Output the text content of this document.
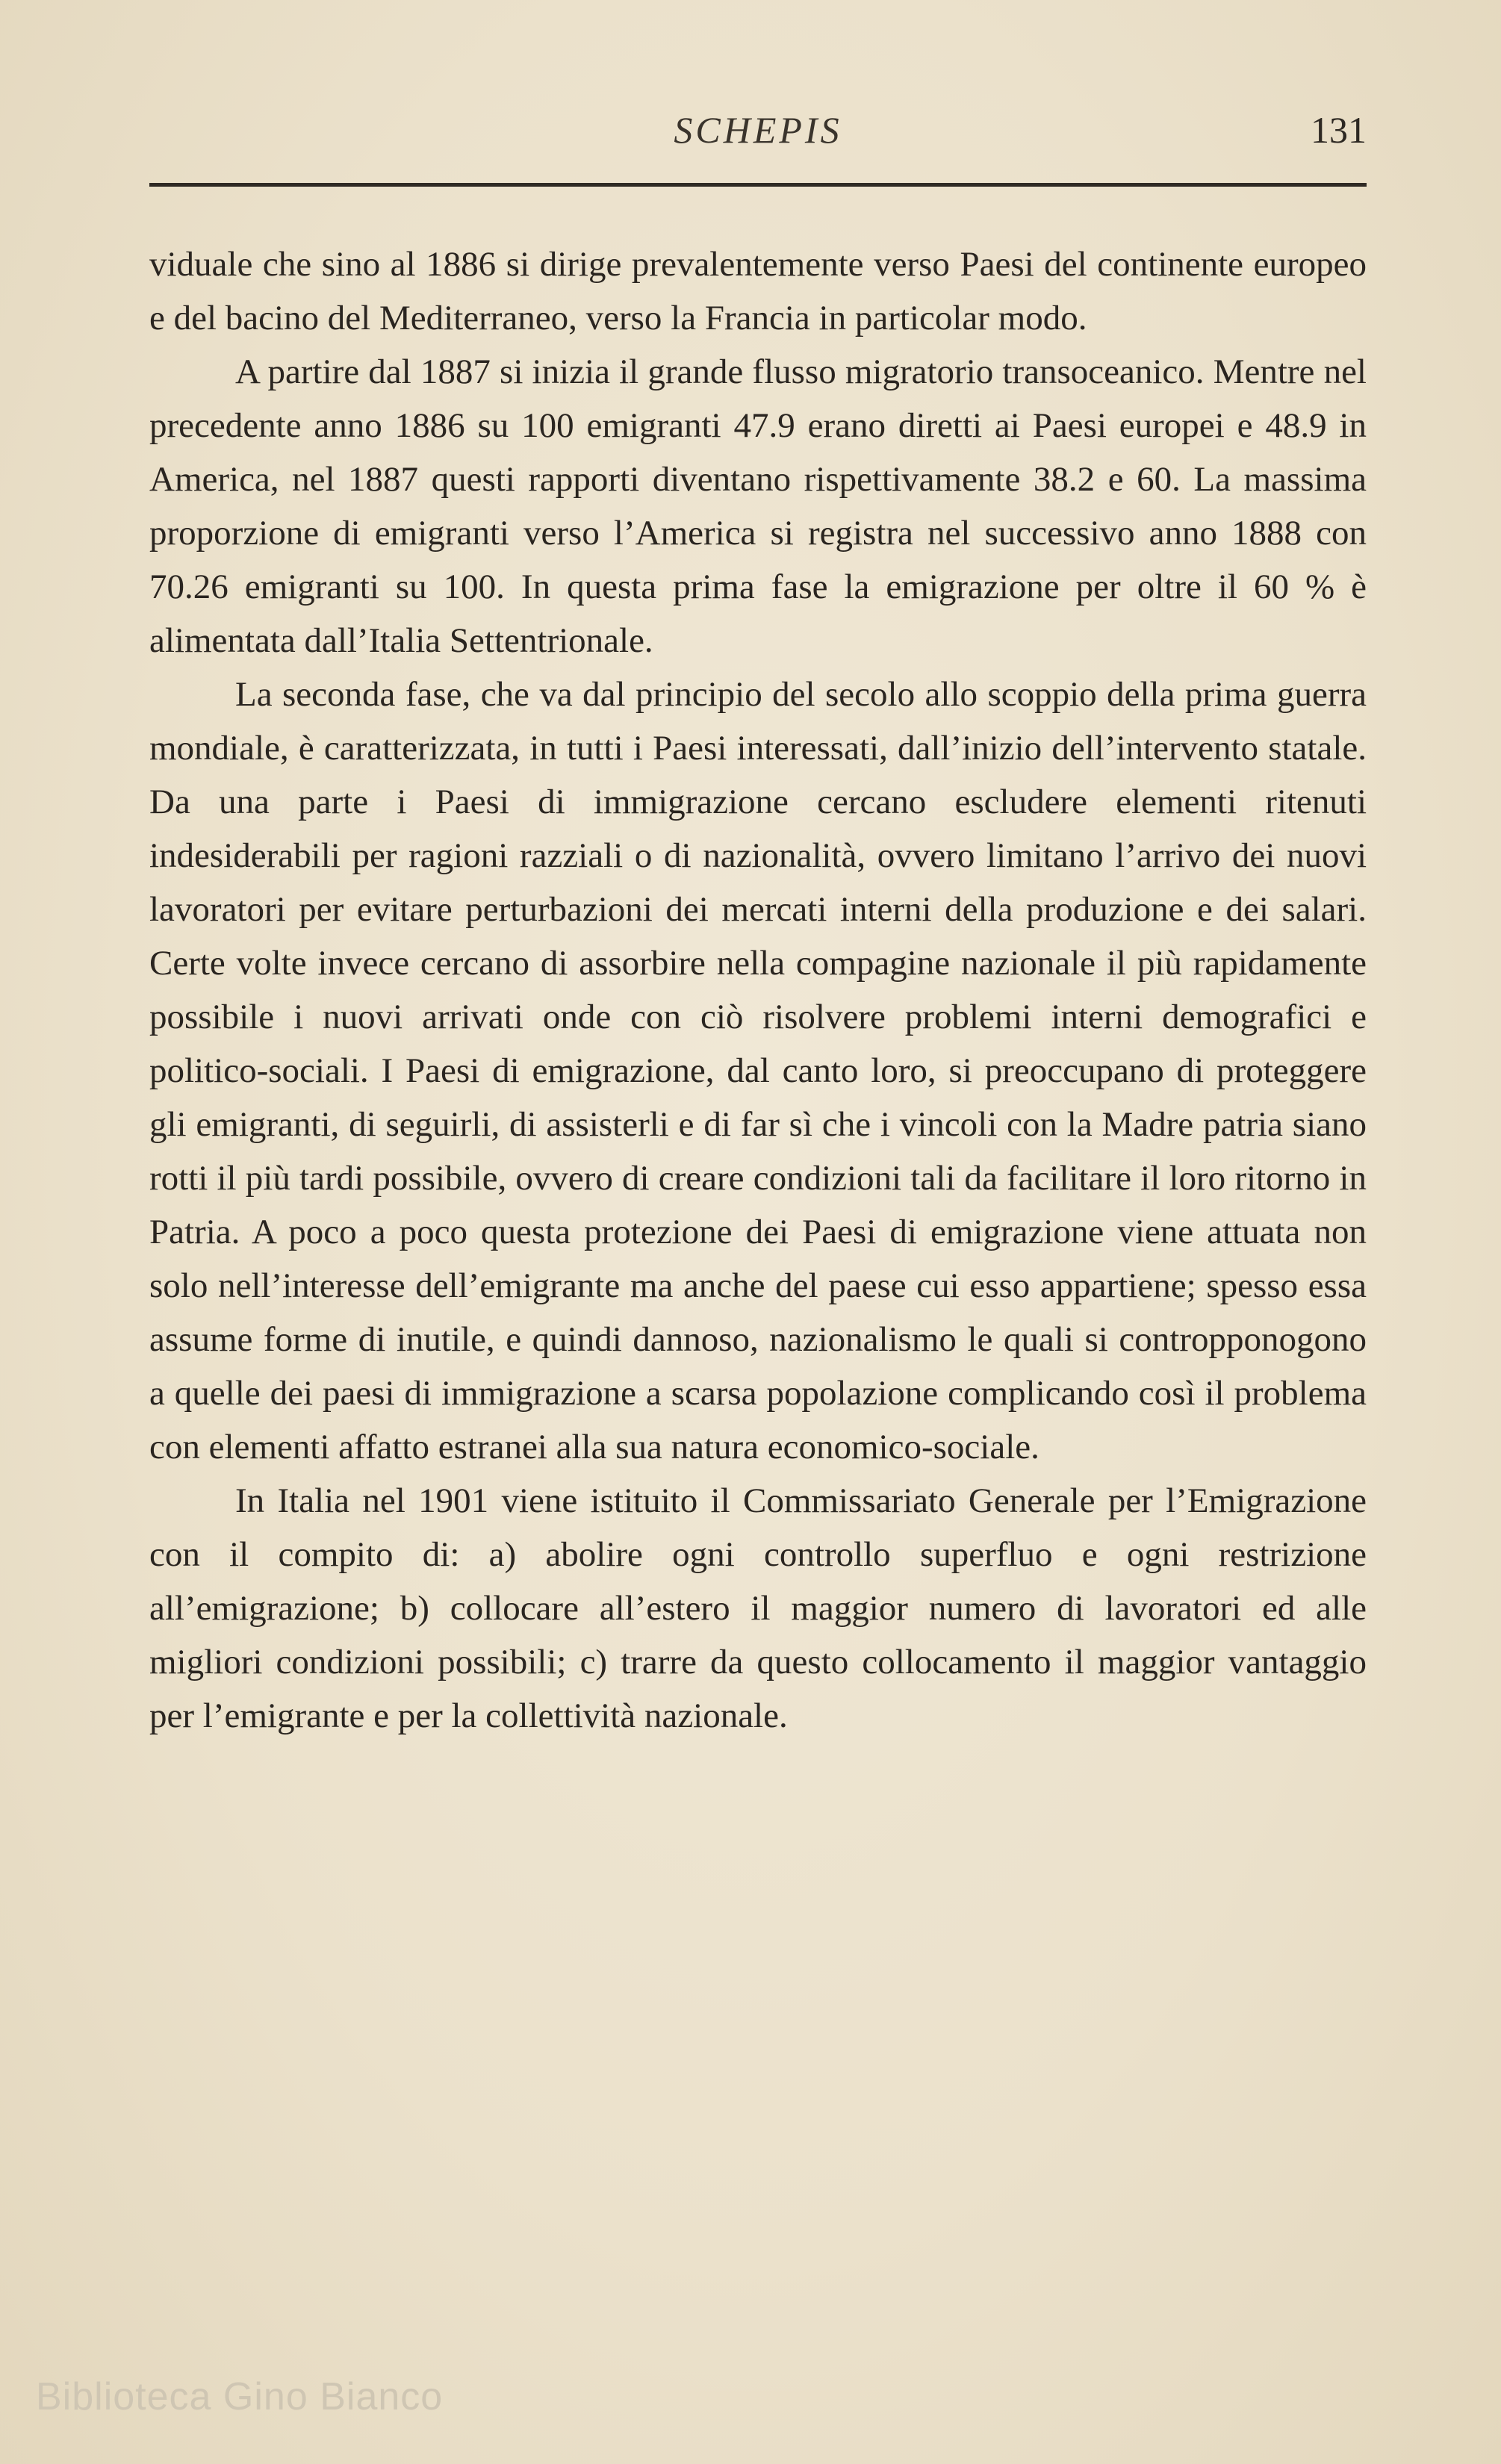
SCHEPIS	131

viduale che sino al 1886 si dirige prevalentemente verso Paesi del continente europeo e del bacino del Mediterraneo, verso la Francia in particolar modo.

A partire dal 1887 si inizia il grande flusso migratorio transoceanico. Mentre nel precedente anno 1886 su 100 emigranti 47.9 erano diretti ai Paesi europei e 48.9 in America, nel 1887 questi rapporti diventano rispettivamente 38.2 e 60. La massima proporzione di emigranti verso l’America si registra nel successivo anno 1888 con 70.26 emigranti su 100. In questa prima fase la emigrazione per oltre il 60 % è alimentata dall’Italia Settentrionale.

La seconda fase, che va dal principio del secolo allo scoppio della prima guerra mondiale, è caratterizzata, in tutti i Paesi interessati, dall’inizio dell’intervento statale. Da una parte i Paesi di immigrazione cercano escludere elementi ritenuti indesiderabili per ragioni razziali o di nazionalità, ovvero limitano l’arrivo dei nuovi lavoratori per evitare perturbazioni dei mercati interni della produzione e dei salari. Certe volte invece cercano di assorbire nella compagine nazionale il più rapidamente possibile i nuovi arrivati onde con ciò risolvere problemi interni demografici e politico-sociali. I Paesi di emigrazione, dal canto loro, si preoccupano di proteggere gli emigranti, di seguirli, di assisterli e di far sì che i vincoli con la Madre patria siano rotti il più tardi possibile, ovvero di creare condizioni tali da facilitare il loro ritorno in Patria. A poco a poco questa protezione dei Paesi di emigrazione viene attuata non solo nell’interesse dell’emigrante ma anche del paese cui esso appartiene; spesso essa assume forme di inutile, e quindi dannoso, nazionalismo le quali si contropponogono a quelle dei paesi di immigrazione a scarsa popolazione complicando così il problema con elementi affatto estranei alla sua natura economico-sociale.

In Italia nel 1901 viene istituito il Commissariato Generale per l’Emigrazione con il compito di: a) abolire ogni controllo superfluo e ogni restrizione all’emigrazione; b) collocare all’estero il maggior numero di lavoratori ed alle migliori condizioni possibili; c) trarre da questo collocamento il maggior vantaggio per l’emigrante e per la collettività nazionale.

Biblioteca Gino Bianco
